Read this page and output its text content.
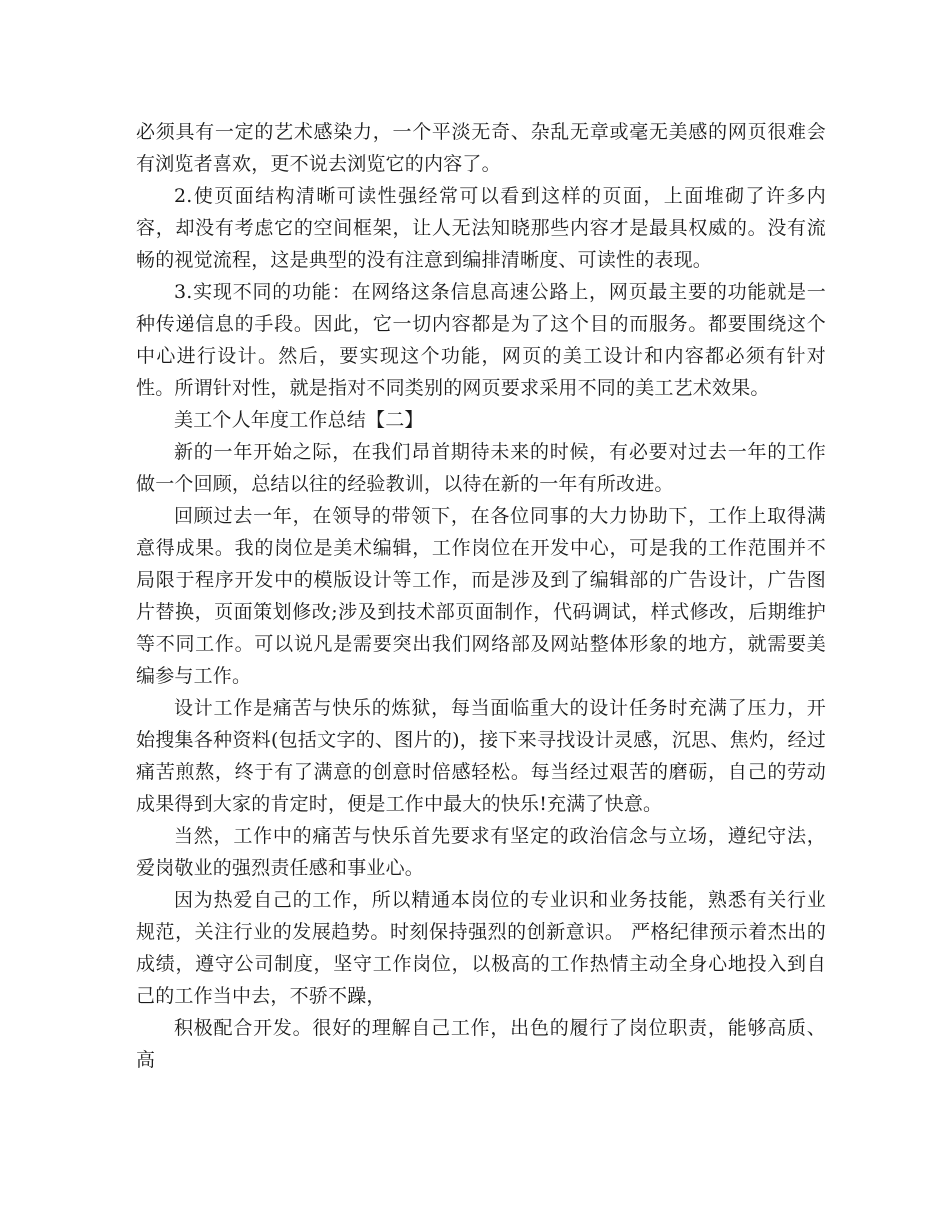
必须具有一定的艺术感染力，一个平淡无奇、杂乱无章或毫无美感的网页很难会有浏览者喜欢，更不说去浏览它的内容了。

2.使页面结构清晰可读性强经常可以看到这样的页面，上面堆砌了许多内容，却没有考虑它的空间框架，让人无法知晓那些内容才是最具权威的。没有流畅的视觉流程，这是典型的没有注意到编排清晰度、可读性的表现。

3.实现不同的功能：在网络这条信息高速公路上，网页最主要的功能就是一种传递信息的手段。因此，它一切内容都是为了这个目的而服务。都要围绕这个中心进行设计。然后，要实现这个功能，网页的美工设计和内容都必须有针对性。所谓针对性，就是指对不同类别的网页要求采用不同的美工艺术效果。

美工个人年度工作总结【二】

新的一年开始之际，在我们昂首期待未来的时候，有必要对过去一年的工作做一个回顾，总结以往的经验教训，以待在新的一年有所改进。

回顾过去一年，在领导的带领下，在各位同事的大力协助下，工作上取得满意得成果。我的岗位是美术编辑，工作岗位在开发中心，可是我的工作范围并不局限于程序开发中的模版设计等工作，而是涉及到了编辑部的广告设计，广告图片替换，页面策划修改;涉及到技术部页面制作，代码调试，样式修改，后期维护等不同工作。可以说凡是需要突出我们网络部及网站整体形象的地方，就需要美编参与工作。

设计工作是痛苦与快乐的炼狱，每当面临重大的设计任务时充满了压力，开始搜集各种资料(包括文字的、图片的)，接下来寻找设计灵感，沉思、焦灼，经过痛苦煎熬，终于有了满意的创意时倍感轻松。每当经过艰苦的磨砺，自己的劳动成果得到大家的肯定时，便是工作中最大的快乐!充满了快意。

当然，工作中的痛苦与快乐首先要求有坚定的政治信念与立场，遵纪守法，爱岗敬业的强烈责任感和事业心。

因为热爱自己的工作，所以精通本岗位的专业识和业务技能，熟悉有关行业规范，关注行业的发展趋势。时刻保持强烈的创新意识。 严格纪律预示着杰出的成绩，遵守公司制度，坚守工作岗位，以极高的工作热情主动全身心地投入到自己的工作当中去，不骄不躁，

积极配合开发。很好的理解自己工作，出色的履行了岗位职责，能够高质、高
